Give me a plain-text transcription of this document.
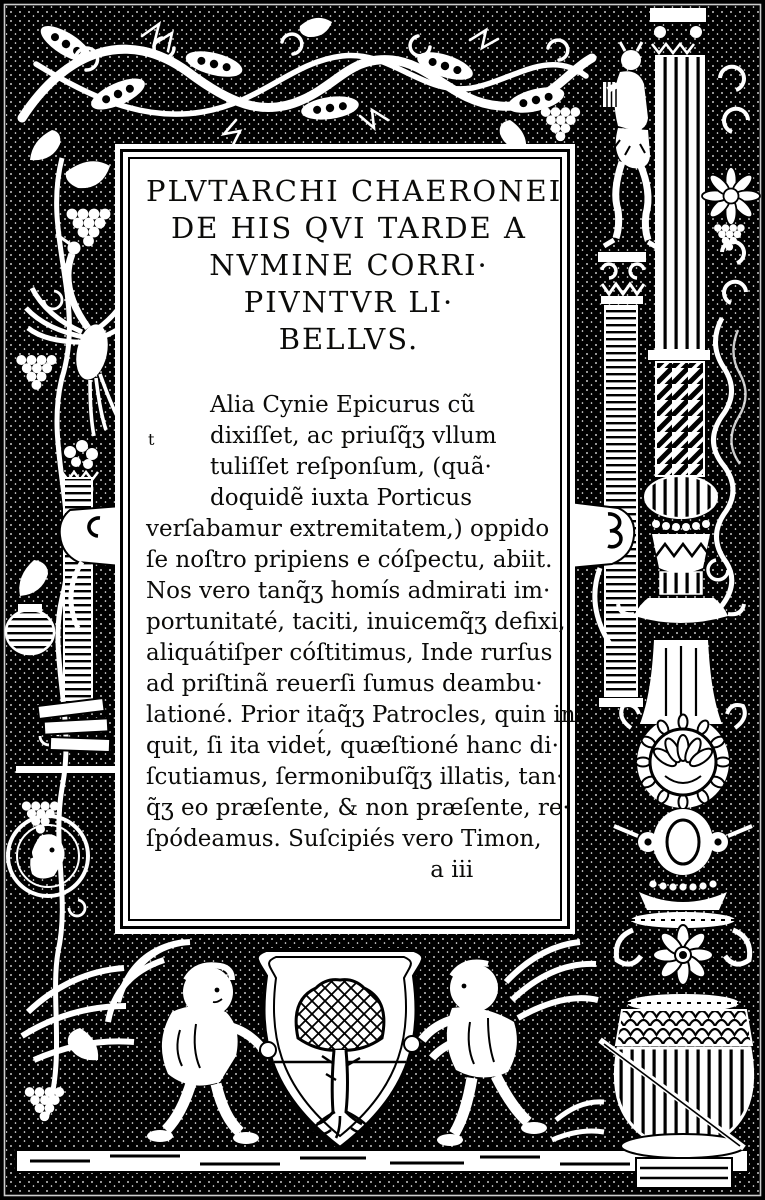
PLVTARCHI CHAERONEI
DE HIS QVI TARDE A
NVMINE CORRI·
PIVNTVR LI·
BELLVS.
t
Alia Cynie Epicurus cũ
dixiſſet, ac priuſq̃ʒ vllum
tuliſſet reſponſum, (quã·
doquidẽ iuxta Porticus
verſabamur extremitatem,) oppido
ſe noſtro pripiens e cóſpectu, abiit.
Nos vero tanq̃ʒ homís admirati im·
portunitaté, taciti, inuicemq̃ʒ defixi,
aliquátiſper cóſtitimus, Inde rurſus
ad priſtinã reuerſi ſumus deambu·
lationé. Prior itaq̃ʒ Patrocles, quin in·
quit, ſi ita videt́, quæſtioné hanc di·
ſcutiamus, ſermonibuſq̃ʒ illatis, tan·
q̃ʒ eo præſente, & non præſente, re·
ſpódeamus. Suſcipiés vero Timon,
a iii
